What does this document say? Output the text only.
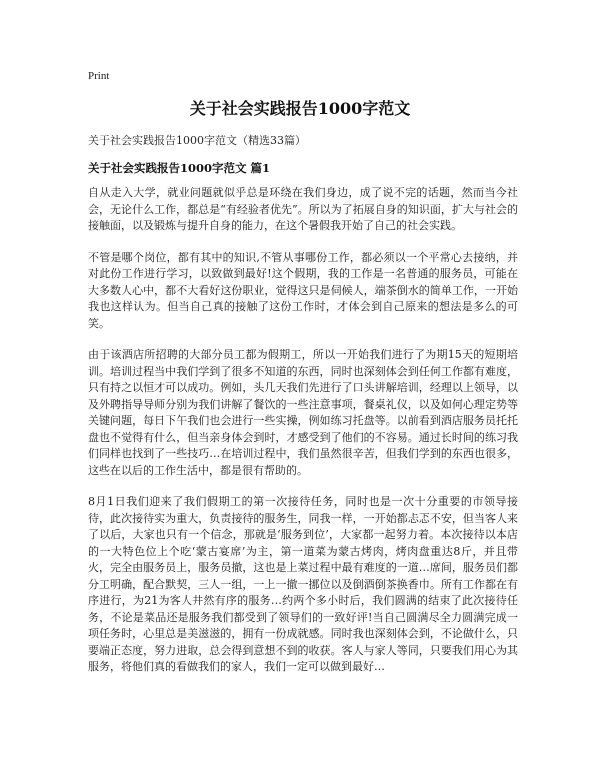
Print
关于社会实践报告1000字范文
关于社会实践报告1000字范文（精选33篇）
关于社会实践报告1000字范文 篇1

自从走入大学，就业问题就似乎总是环绕在我们身边，成了说不完的话题，然而当今社会，无论什么工作，都总是“有经验者优先”。所以为了拓展自身的知识面，扩大与社会的接触面，以及锻炼与提升自身的能力，在这个暑假我开始了自己的社会实践。

不管是哪个岗位，都有其中的知识,不管从事哪份工作，都必须以一个平常心去接纳，并对此份工作进行学习，以致做到最好!这个假期，我的工作是一名普通的服务员，可能在大多数人心中，都不大看好这份职业，觉得这只是伺候人，端茶倒水的简单工作，一开始我也这样认为。但当自己真的接触了这份工作时，才体会到自己原来的想法是多么的可笑。

由于该酒店所招聘的大部分员工都为假期工，所以一开始我们进行了为期15天的短期培训。培训过程当中我们学到了很多不知道的东西，同时也深刻体会到任何工作都有难度，只有持之以恒才可以成功。例如，头几天我们先进行了口头讲解培训，经理以上领导，以及外聘指导导师分别为我们讲解了餐饮的一些注意事项，餐桌礼仪，以及如何心理定势等关键问题，每日下午我们也会进行一些实操，例如练习托盘等。以前看到酒店服务员托托盘也不觉得有什么，但当亲身体会到时，才感受到了他们的不容易。通过长时间的练习我们同样也找到了一些技巧…在培训过程中，我们虽然很辛苦，但我们学到的东西也很多，这些在以后的工作生活中，都是很有帮助的。

8月1日我们迎来了我们假期工的第一次接待任务，同时也是一次十分重要的市领导接待，此次接待实为重大，负责接待的服务生，同我一样，一开始都忐忑不安，但当客人来了以后，大家也只有一个信念，那就是‘服务到位’，大家都一起努力着。本次接待以本店的一大特色位上个吃‘蒙古宴席’为主，第一道菜为蒙古烤肉，烤肉盘重达8斤，并且带火，完全由服务员上，服务员撤，这也是上菜过程中最有难度的一道…席间，服务员们都分工明确，配合默契，三人一组，一上一撤一挪位以及倒酒倒茶换香巾。所有工作都在有序进行，为21为客人井然有序的服务…约两个多小时后，我们圆满的结束了此次接待任务，不论是菜品还是服务我们都受到了领导们的一致好评!当自己圆满尽全力圆满完成一项任务时，心里总是美滋滋的，拥有一份成就感。同时我也深刻体会到，不论做什么，只要端正态度，努力进取，总会得到意想不到的收获。客人与家人等同，只要我们用心为其服务，将他们真的看做我们的家人，我们一定可以做到最好…
